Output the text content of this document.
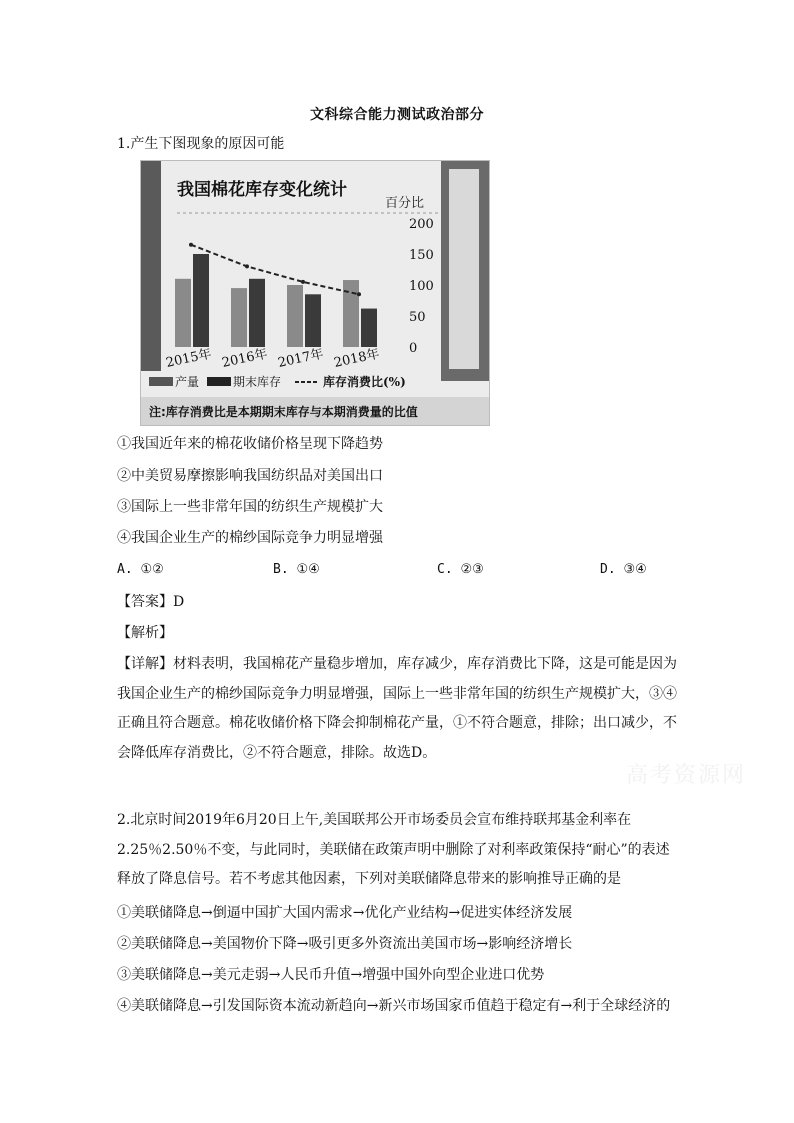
文科综合能力测试政治部分
1.产生下图现象的原因可能
我国棉花库存变化统计
百分比
200
150
100
50
0
2015年 2016年 2017年 2018年
产量	期末库存	库存消费比(%)
注:库存消费比是本期期末库存与本期消费量的比值
①我国近年来的棉花收储价格呈现下降趋势
②中美贸易摩擦影响我国纺织品对美国出口
③国际上一些非常年国的纺织生产规模扩大
④我国企业生产的棉纱国际竞争力明显增强
A. ①②	B. ①④	C. ②③	D. ③④
【答案】D
【解析】
【详解】材料表明，我国棉花产量稳步增加，库存减少，库存消费比下降，这是可能是因为我国企业生产的棉纱国际竞争力明显增强，国际上一些非常年国的纺织生产规模扩大，③④正确且符合题意。棉花收储价格下降会抑制棉花产量，①不符合题意，排除；出口减少，不会降低库存消费比，②不符合题意，排除。故选D。
高考资源网
2.北京时间2019年6月20日上午,美国联邦公开市场委员会宣布维持联邦基金利率在2.25％2.50％不变，与此同时，美联储在政策声明中删除了对利率政策保持“耐心”的表述释放了降息信号。若不考虑其他因素，下列对美联储降息带来的影响推导正确的是
①美联储降息→倒逼中国扩大国内需求→优化产业结构→促进实体经济发展
②美联储降息→美国物价下降→吸引更多外资流出美国市场→影响经济增长
③美联储降息→美元走弱→人民币升值→增强中国外向型企业进口优势
④美联储降息→引发国际资本流动新趋向→新兴市场国家币值趋于稳定有→利于全球经济的
